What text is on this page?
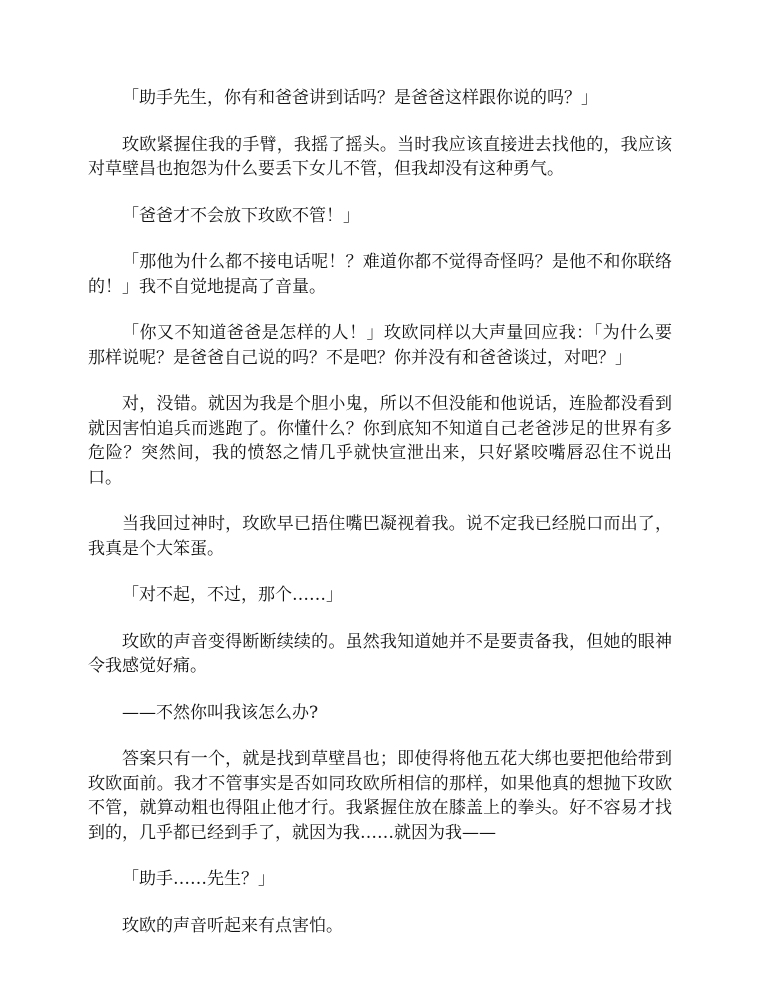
「助手先生，你有和爸爸讲到话吗？是爸爸这样跟你说的吗？」

玫欧紧握住我的手臂，我摇了摇头。当时我应该直接进去找他的，我应该对草壁昌也抱怨为什么要丢下女儿不管，但我却没有这种勇气。

「爸爸才不会放下玫欧不管！」

「那他为什么都不接电话呢！？难道你都不觉得奇怪吗？是他不和你联络的！」我不自觉地提高了音量。

「你又不知道爸爸是怎样的人！」玫欧同样以大声量回应我：「为什么要那样说呢？是爸爸自己说的吗？不是吧？你并没有和爸爸谈过，对吧？」

对，没错。就因为我是个胆小鬼，所以不但没能和他说话，连脸都没看到就因害怕追兵而逃跑了。你懂什么？你到底知不知道自己老爸涉足的世界有多危险？突然间，我的愤怒之情几乎就快宣泄出来，只好紧咬嘴唇忍住不说出口。

当我回过神时，玫欧早已捂住嘴巴凝视着我。说不定我已经脱口而出了，我真是个大笨蛋。

「对不起，不过，那个……」

玫欧的声音变得断断续续的。虽然我知道她并不是要责备我，但她的眼神令我感觉好痛。

——不然你叫我该怎么办?

答案只有一个，就是找到草壁昌也；即使得将他五花大绑也要把他给带到玫欧面前。我才不管事实是否如同玫欧所相信的那样，如果他真的想抛下玫欧不管，就算动粗也得阻止他才行。我紧握住放在膝盖上的拳头。好不容易才找到的，几乎都已经到手了，就因为我……就因为我——

「助手……先生？」

玫欧的声音听起来有点害怕。
